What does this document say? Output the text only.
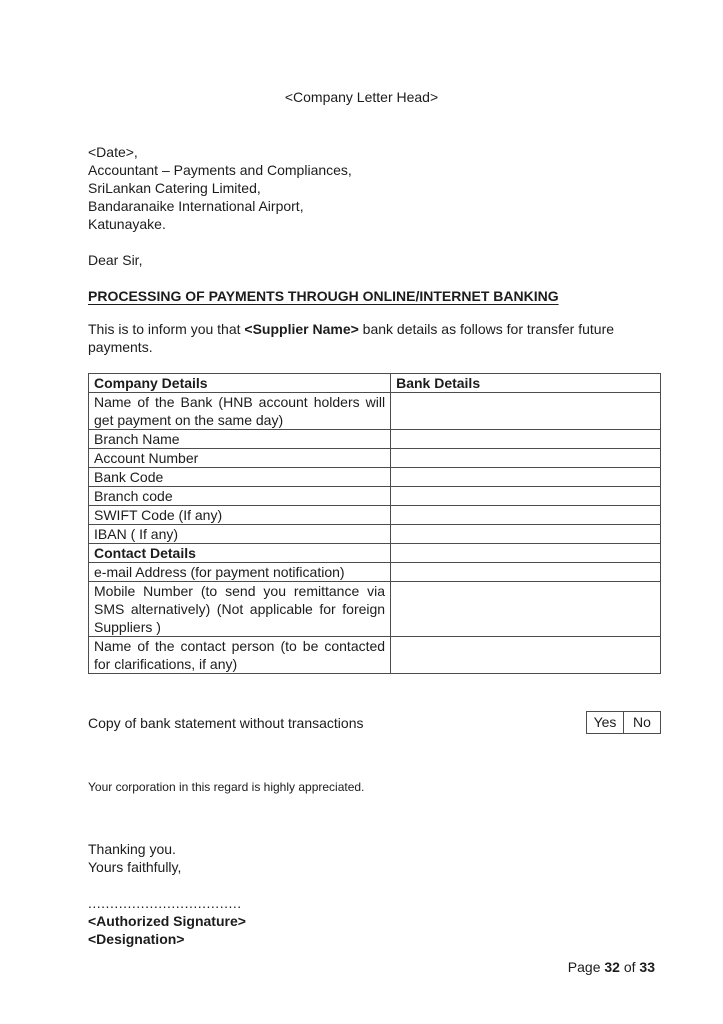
<Company Letter Head>
<Date>,
Accountant – Payments and Compliances,
SriLankan Catering Limited,
Bandaranaike International Airport,
Katunayake.
Dear Sir,
PROCESSING OF PAYMENTS THROUGH ONLINE/INTERNET BANKING
This is to inform you that <Supplier Name> bank details as follows for transfer future payments.
Company Details	Bank Details
Name of the Bank (HNB account holders will get payment on the same day)	
Branch Name	
Account Number	
Bank Code	
Branch code	
SWIFT Code (If any)	
IBAN ( If any)	
Contact Details	
e-mail Address (for payment notification)	
Mobile Number (to send you remittance via SMS alternatively) (Not applicable for foreign Suppliers )	
Name of the contact person (to be contacted for clarifications, if any)	
Copy of bank statement without transactions	Yes	No
Your corporation in this regard is highly appreciated.
Thanking you.
Yours faithfully,
...................................
<Authorized Signature>
<Designation>
Page 32 of 33
